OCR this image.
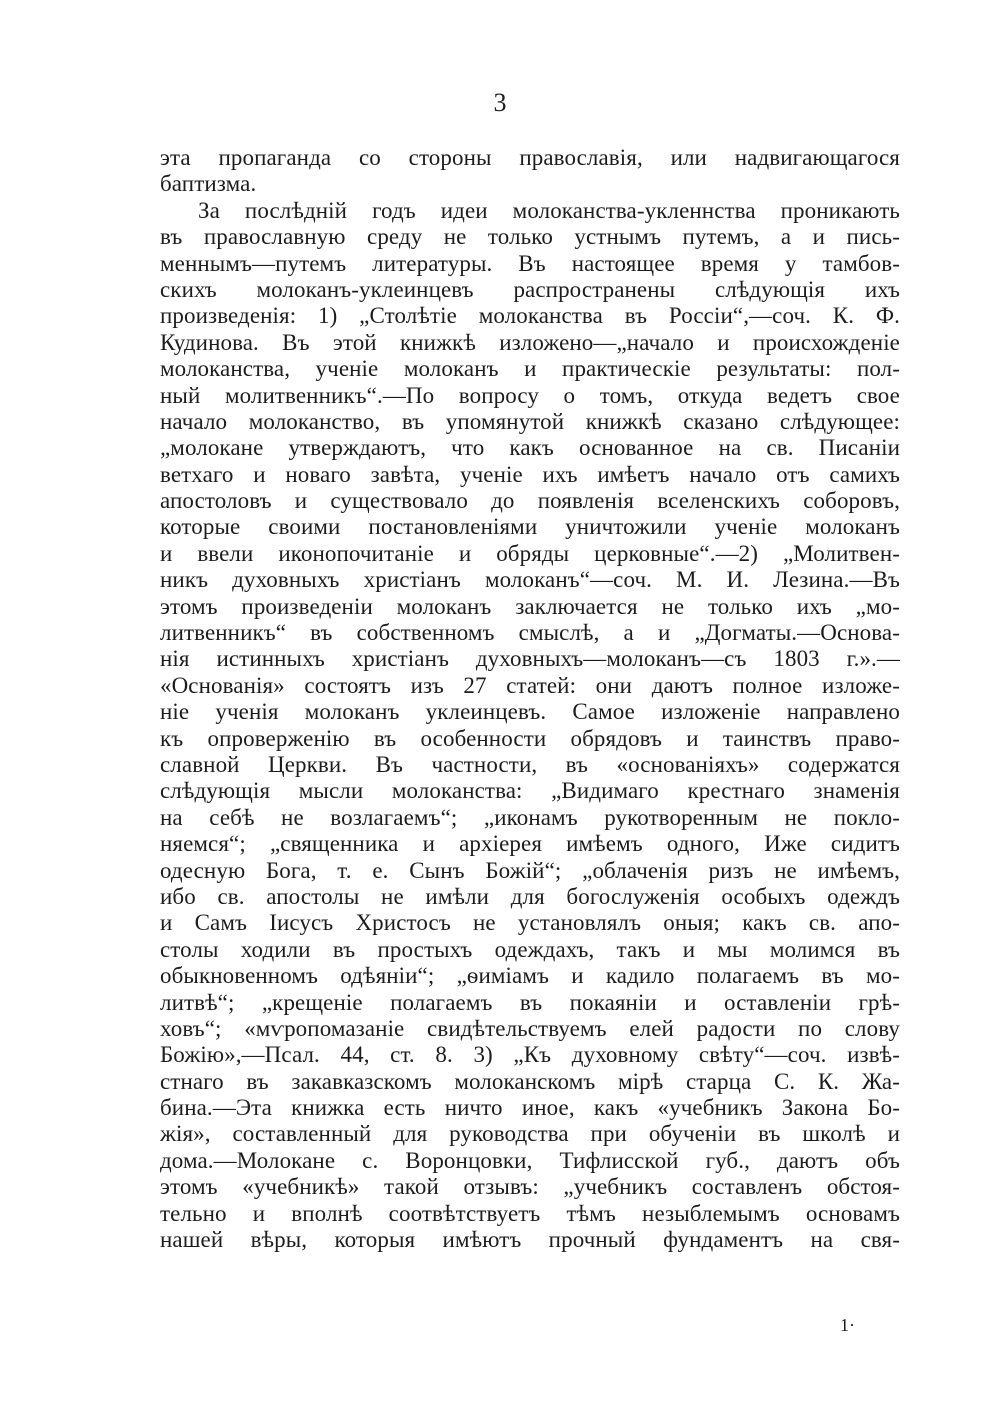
3
эта пропаганда со стороны православія, или надвигающагося
баптизма.
За послѣдній годъ идеи молоканства-укленнства проникають
въ православную среду не только устнымъ путемъ, а и пись-
меннымъ—путемъ литературы. Въ настоящее время у тамбов-
скихъ молоканъ-уклеинцевъ распространены слѣдующія ихъ
произведенія: 1) „Столѣтіе молоканства въ Россіи“,—соч. К. Ф.
Кудинова. Въ этой книжкѣ изложено—„начало и происхожденіе
молоканства, ученіе молоканъ и практическіе результаты: пол-
ный молитвенникъ“.—По вопросу о томъ, откуда ведетъ свое
начало молоканство, въ упомянутой книжкѣ сказано слѣдующее:
„молокане утверждаютъ, что какъ основанное на св. Писаніи
ветхаго и новаго завѣта, ученіе ихъ имѣетъ начало отъ самихъ
апостоловъ и существовало до появленія вселенскихъ соборовъ,
которые своими постановленіями уничтожили ученіе молоканъ
и ввели иконопочитаніе и обряды церковные“.—2) „Молитвен-
никъ духовныхъ христіанъ молоканъ“—соч. М. И. Лезина.—Въ
этомъ произведеніи молоканъ заключается не только ихъ „мо-
литвенникъ“ въ собственномъ смыслѣ, а и „Догматы.—Основа-
нія истинныхъ христіанъ духовныхъ—молоканъ—съ 1803 г.».—
«Основанія» состоятъ изъ 27 статей: они даютъ полное изложе-
ніе ученія молоканъ уклеинцевъ. Самое изложеніе направлено
къ опроверженію въ особенности обрядовъ и таинствъ право-
славной Церкви. Въ частности, въ «основаніяхъ» содержатся
слѣдующія мысли молоканства: „Видимаго крестнаго знаменія
на себѣ не возлагаемъ“; „иконамъ рукотворенным не покло-
няемся“; „священника и архіерея имѣемъ одного, Иже сидитъ
одесную Бога, т. е. Сынъ Божій“; „облаченія ризъ не имѣемъ,
ибо св. апостолы не имѣли для богослуженія особыхъ одеждъ
и Самъ Іисусъ Христосъ не установлялъ оныя; какъ св. апо-
столы ходили въ простыхъ одеждахъ, такъ и мы молимся въ
обыкновенномъ одѣяніи“; „ѳиміамъ и кадило полагаемъ въ мо-
литвѣ“; „крещеніе полагаемъ въ покаяніи и оставленіи грѣ-
ховъ“; «мѵропомазаніе свидѣтельствуемъ елей радости по слову
Божію»,—Псал. 44, ст. 8. 3) „Къ духовному свѣту“—соч. извѣ-
стнаго въ закавказскомъ молоканскомъ мірѣ старца С. К. Жа-
бина.—Эта книжка есть ничто иное, какъ «учебникъ Закона Бо-
жія», составленный для руководства при обученіи въ школѣ и
дома.—Молокане с. Воронцовки, Тифлисской губ., даютъ объ
этомъ «учебникѣ» такой отзывъ: „учебникъ составленъ обстоя-
тельно и вполнѣ соотвѣтствуетъ тѣмъ незыблемымъ основамъ
нашей вѣры, которыя имѣютъ прочный фундаментъ на свя-
1·
